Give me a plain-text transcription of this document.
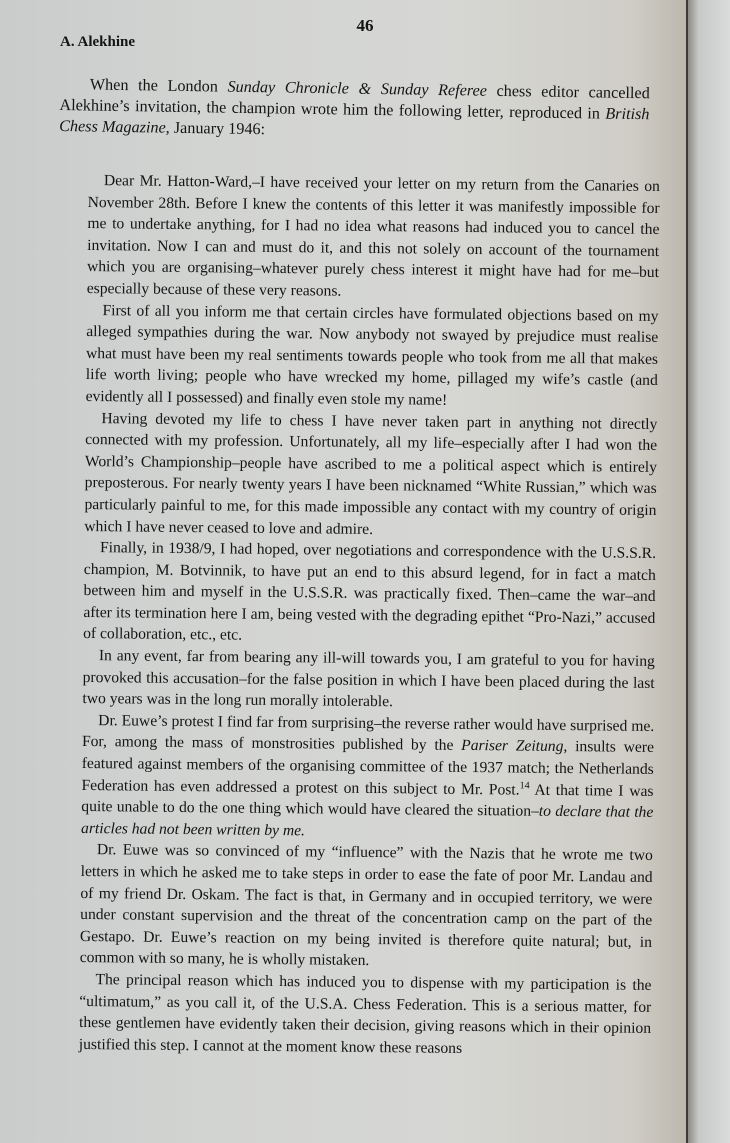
46
A. Alekhine

When the London Sunday Chronicle & Sunday Referee chess editor cancelled Alekhine’s invitation, the champion wrote him the following letter, reproduced in British Chess Magazine, January 1946:

Dear Mr. Hatton-Ward,–I have received your letter on my return from the Canaries on November 28th. Before I knew the contents of this letter it was manifestly impossible for me to undertake anything, for I had no idea what reasons had induced you to cancel the invitation. Now I can and must do it, and this not solely on account of the tournament which you are organising–whatever purely chess interest it might have had for me–but especially because of these very reasons.

First of all you inform me that certain circles have formulated objections based on my alleged sympathies during the war. Now anybody not swayed by prejudice must realise what must have been my real sentiments towards people who took from me all that makes life worth living; people who have wrecked my home, pillaged my wife’s castle (and evidently all I possessed) and finally even stole my name!

Having devoted my life to chess I have never taken part in anything not directly connected with my profession. Unfortunately, all my life–especially after I had won the World’s Championship–people have ascribed to me a political aspect which is entirely preposterous. For nearly twenty years I have been nicknamed “White Russian,” which was particularly painful to me, for this made impossible any contact with my country of origin which I have never ceased to love and admire.

Finally, in 1938/9, I had hoped, over negotiations and correspondence with the U.S.S.R. champion, M. Botvinnik, to have put an end to this absurd legend, for in fact a match between him and myself in the U.S.S.R. was practically fixed. Then–came the war–and after its termination here I am, being vested with the degrading epithet “Pro-Nazi,” accused of collaboration, etc., etc.

In any event, far from bearing any ill-will towards you, I am grateful to you for having provoked this accusation–for the false position in which I have been placed during the last two years was in the long run morally intolerable.

Dr. Euwe’s protest I find far from surprising–the reverse rather would have surprised me. For, among the mass of monstrosities published by the Pariser Zeitung, insults were featured against members of the organising committee of the 1937 match; the Netherlands Federation has even addressed a protest on this subject to Mr. Post.$^{14}$ At that time I was quite unable to do the one thing which would have cleared the situation–to declare that the articles had not been written by me.

Dr. Euwe was so convinced of my “influence” with the Nazis that he wrote me two letters in which he asked me to take steps in order to ease the fate of poor Mr. Landau and of my friend Dr. Oskam. The fact is that, in Germany and in occupied territory, we were under constant supervision and the threat of the concentration camp on the part of the Gestapo. Dr. Euwe’s reaction on my being invited is therefore quite natural; but, in common with so many, he is wholly mistaken.

The principal reason which has induced you to dispense with my participation is the “ultimatum,” as you call it, of the U.S.A. Chess Federation. This is a serious matter, for these gentlemen have evidently taken their decision, giving reasons which in their opinion justified this step. I cannot at the moment know these reasons
